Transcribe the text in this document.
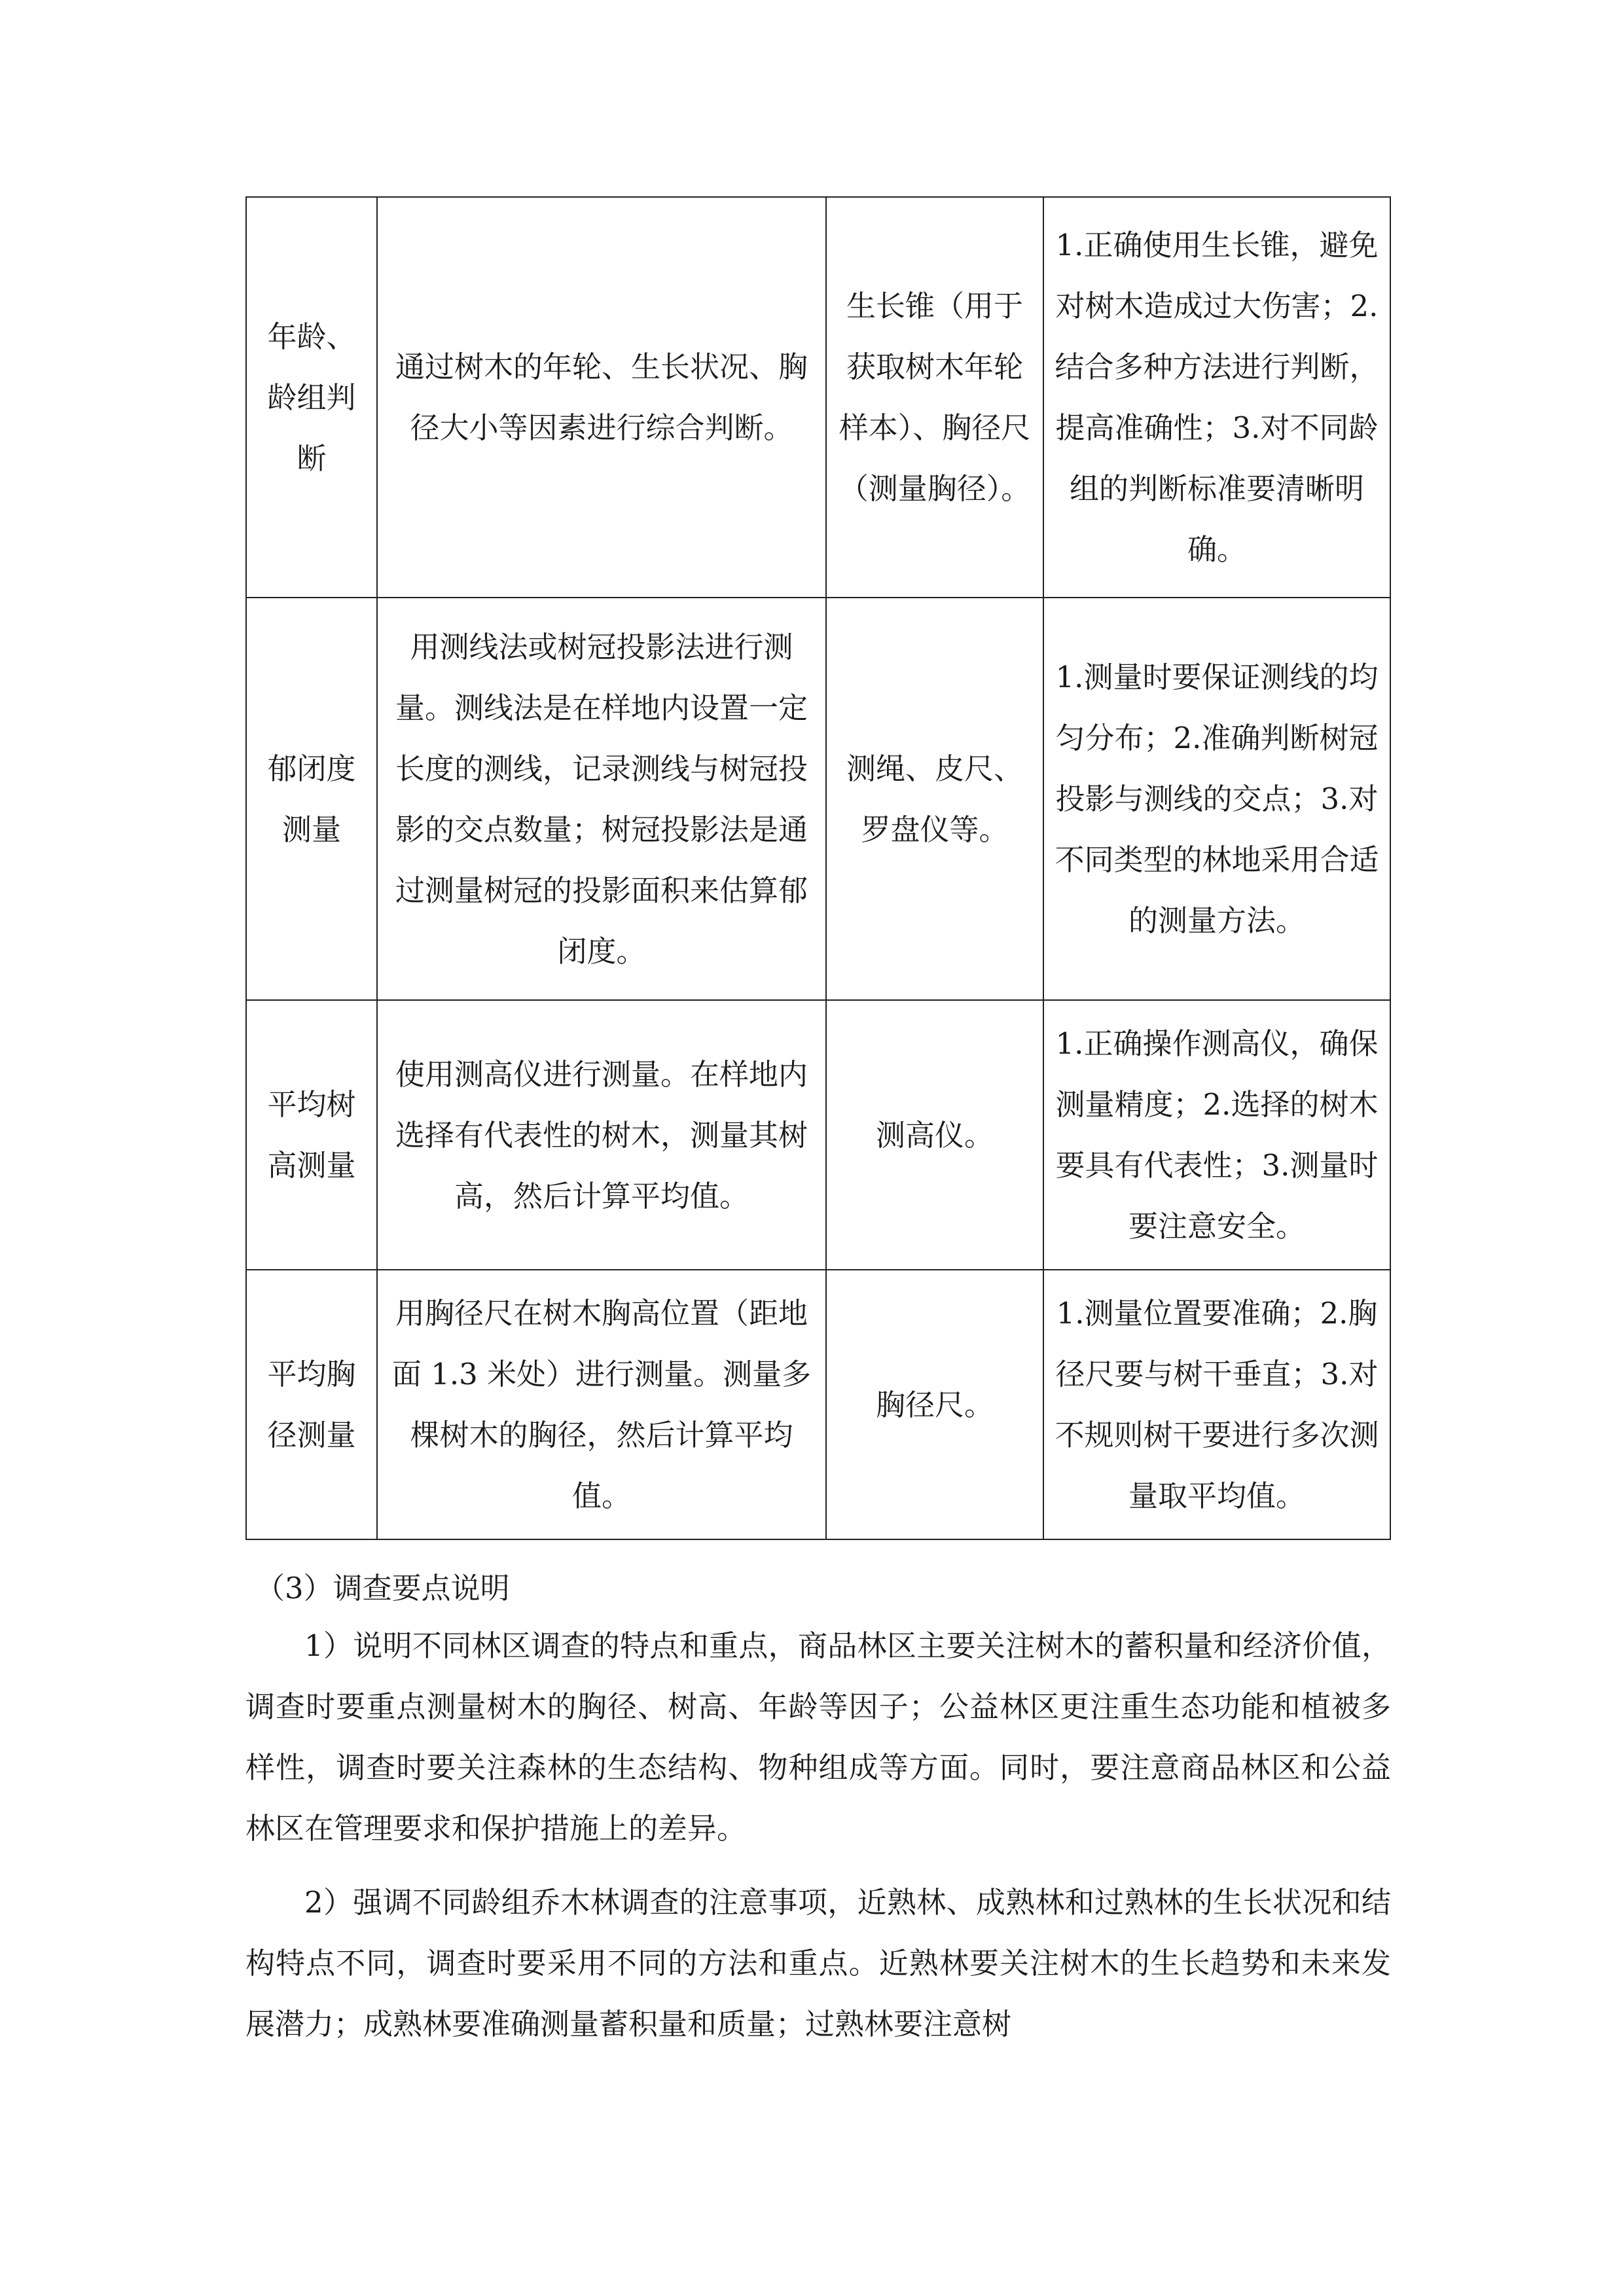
年龄、龄组判断	通过树木的年轮、生长状况、胸径大小等因素进行综合判断。	生长锥（用于获取树木年轮样本）、胸径尺（测量胸径）。	1.正确使用生长锥，避免对树木造成过大伤害；2.结合多种方法进行判断，提高准确性；3.对不同龄组的判断标准要清晰明确。
郁闭度测量	用测线法或树冠投影法进行测量。测线法是在样地内设置一定长度的测线，记录测线与树冠投影的交点数量；树冠投影法是通过测量树冠的投影面积来估算郁闭度。	测绳、皮尺、罗盘仪等。	1.测量时要保证测线的均匀分布；2.准确判断树冠投影与测线的交点；3.对不同类型的林地采用合适的测量方法。
平均树高测量	使用测高仪进行测量。在样地内选择有代表性的树木，测量其树高，然后计算平均值。	测高仪。	1.正确操作测高仪，确保测量精度；2.选择的树木要具有代表性；3.测量时要注意安全。
平均胸径测量	用胸径尺在树木胸高位置（距地面 1.3 米处）进行测量。测量多棵树木的胸径，然后计算平均值。	胸径尺。	1.测量位置要准确；2.胸径尺要与树干垂直；3.对不规则树干要进行多次测量取平均值。
（3）调查要点说明
1）说明不同林区调查的特点和重点，商品林区主要关注树木的蓄积量和经济价值，调查时要重点测量树木的胸径、树高、年龄等因子；公益林区更注重生态功能和植被多样性，调查时要关注森林的生态结构、物种组成等方面。同时，要注意商品林区和公益林区在管理要求和保护措施上的差异。
2）强调不同龄组乔木林调查的注意事项，近熟林、成熟林和过熟林的生长状况和结构特点不同，调查时要采用不同的方法和重点。近熟林要关注树木的生长趋势和未来发展潜力；成熟林要准确测量蓄积量和质量；过熟林要注意树
